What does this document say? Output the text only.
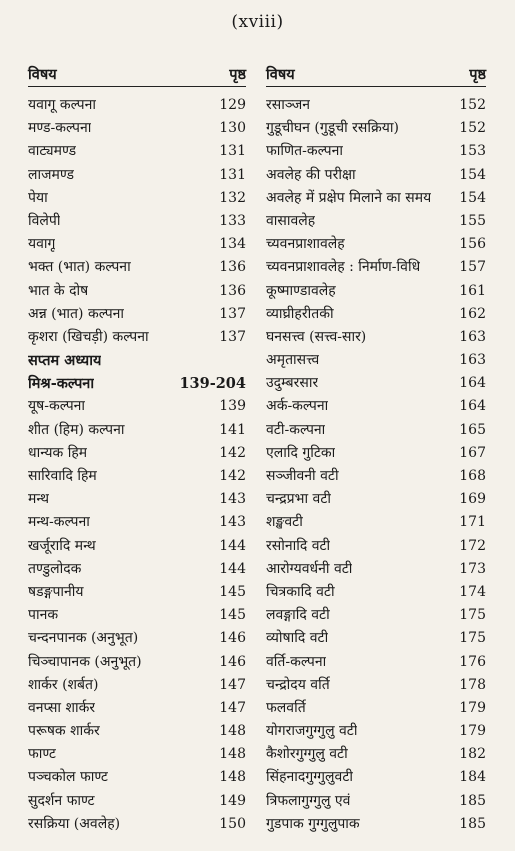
(xviii)
विषय	पृष्ठ
यवागू कल्पना	129
मण्ड-कल्पना	130
वाट्यमण्ड	131
लाजमण्ड	131
पेया	132
विलेपी	133
यवागू	134
भक्त (भात) कल्पना	136
भात के दोष	136
अन्न (भात) कल्पना	137
कृशरा (खिचड़ी) कल्पना	137
सप्तम अध्याय
मिश्र-कल्पना	139-204
यूष-कल्पना	139
शीत (हिम) कल्पना	141
धान्यक हिम	142
सारिवादि हिम	142
मन्थ	143
मन्थ-कल्पना	143
खर्जूरादि मन्थ	144
तण्डुलोदक	144
षडङ्गपानीय	145
पानक	145
चन्दनपानक (अनुभूत)	146
चिञ्चापानक (अनुभूत)	146
शार्कर (शर्बत)	147
वनप्सा शार्कर	147
परूषक शार्कर	148
फाण्ट	148
पञ्चकोल फाण्ट	148
सुदर्शन फाण्ट	149
रसक्रिया (अवलेह)	150
विषय	पृष्ठ
रसाञ्जन	152
गुडूचीघन (गुडूची रसक्रिया)	152
फाणित-कल्पना	153
अवलेह की परीक्षा	154
अवलेह में प्रक्षेप मिलाने का समय 154
वासावलेह	155
च्यवनप्राशावलेह	156
च्यवनप्राशावलेह : निर्माण-विधि	157
कूष्माण्डावलेह	161
व्याघ्रीहरीतकी	162
घनसत्त्व (सत्त्व-सार)	163
अमृतासत्त्व	163
उदुम्बरसार	164
अर्क-कल्पना	164
वटी-कल्पना	165
एलादि गुटिका	167
सञ्जीवनी वटी	168
चन्द्रप्रभा वटी	169
शङ्खवटी	171
रसोनादि वटी	172
आरोग्यवर्धनी वटी	173
चित्रकादि वटी	174
लवङ्गादि वटी	175
व्योषादि वटी	175
वर्ति-कल्पना	176
चन्द्रोदय वर्ति	178
फलवर्ति	179
योगराजगुग्गुलु वटी	179
कैशोरगुग्गुलु वटी	182
सिंहनादगुग्गुलुवटी	184
त्रिफलागुग्गुलु एवं	185
गुडपाक गुग्गुलुपाक	185
